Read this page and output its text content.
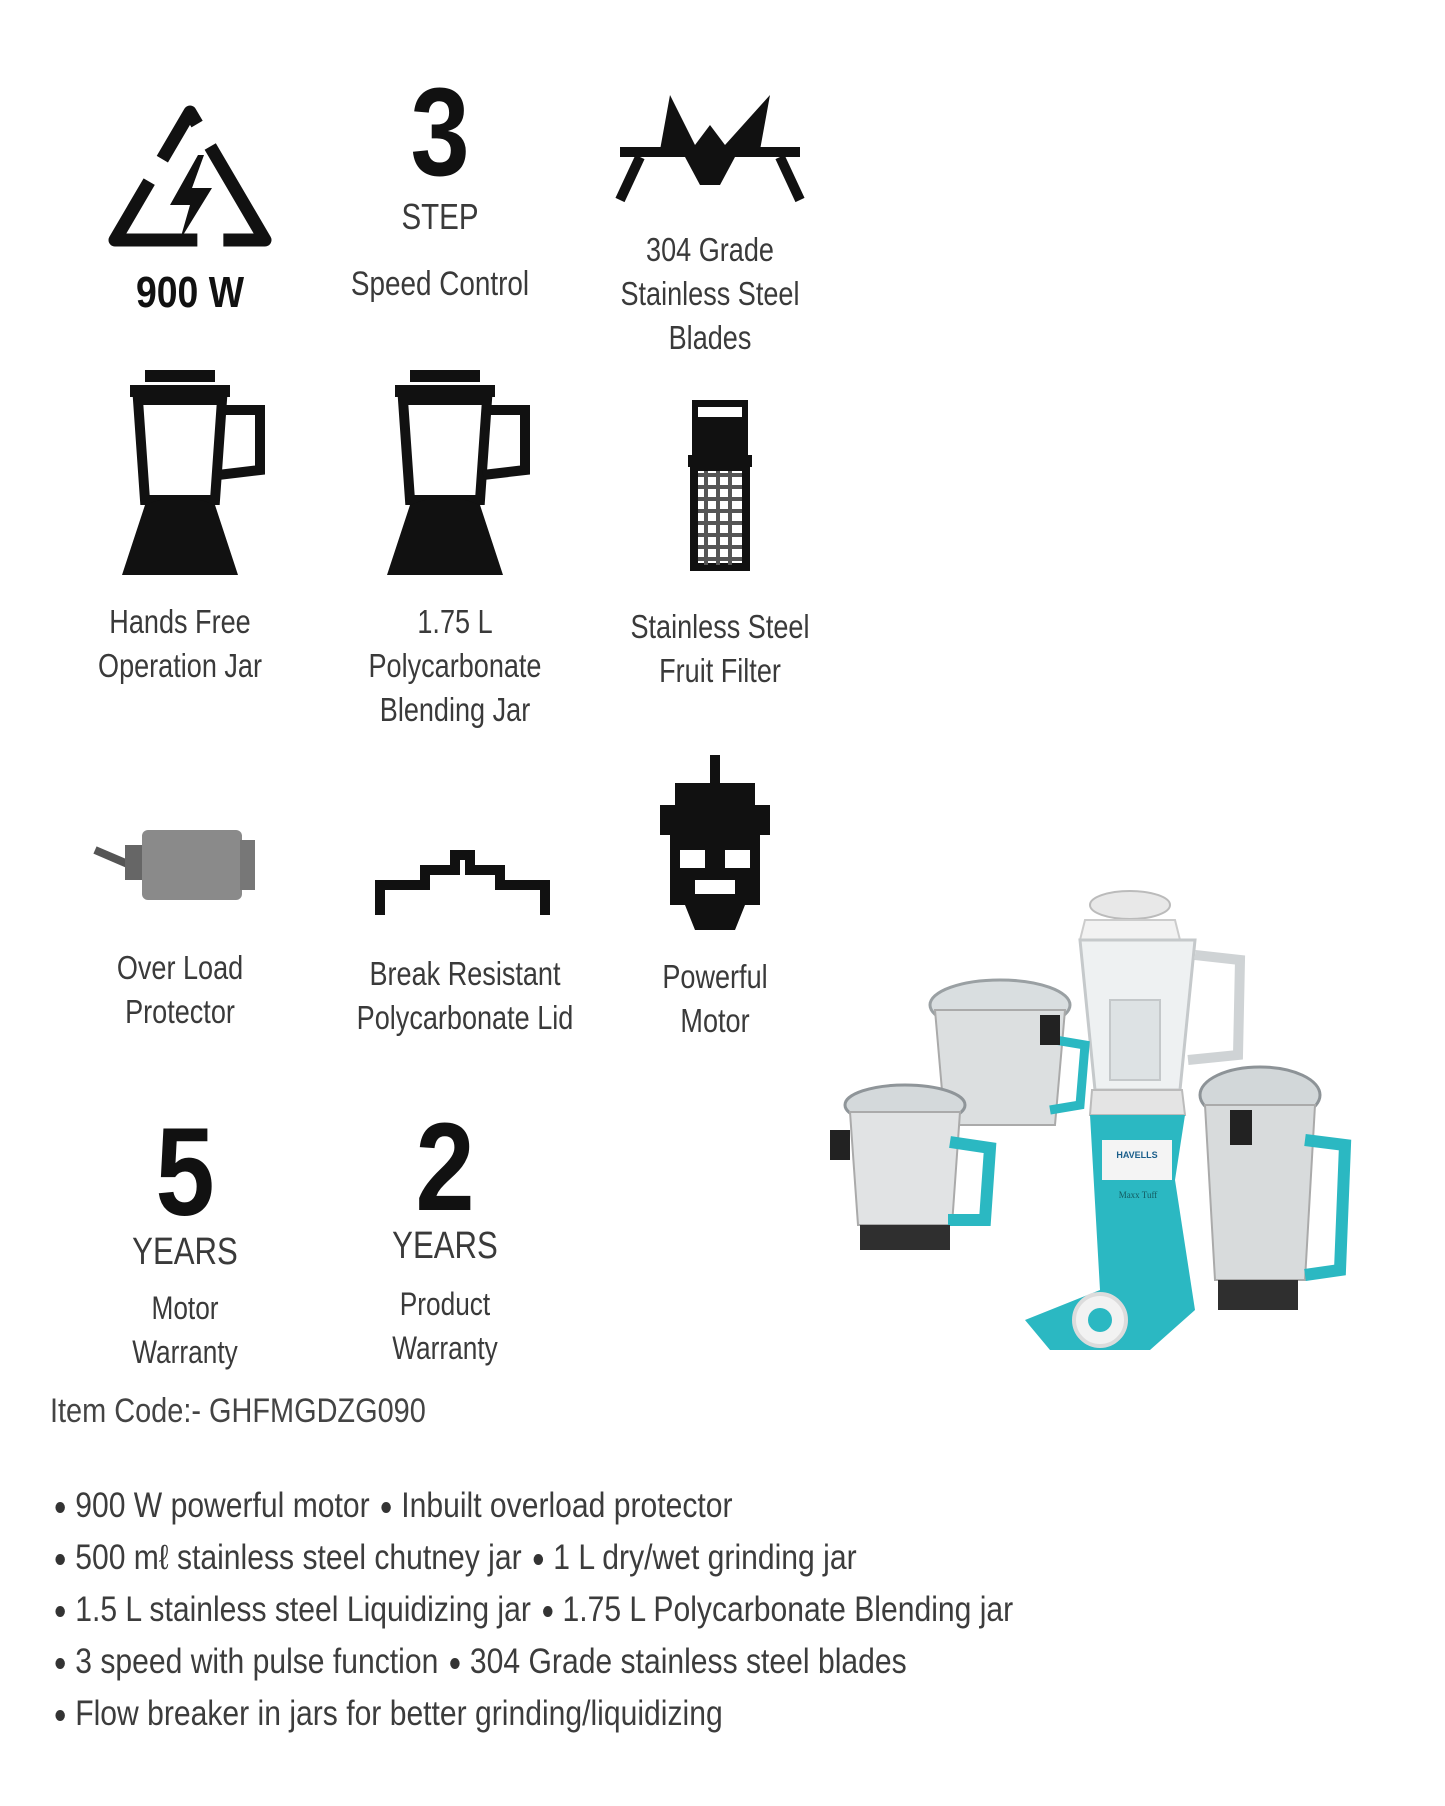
900 W
3
STEP
Speed Control
304 Grade
Stainless Steel
Blades
Hands Free
Operation Jar
1.75 L
Polycarbonate
Blending Jar
Stainless Steel
Fruit Filter
Over Load
Protector
Break Resistant
Polycarbonate Lid
Powerful
Motor
5
YEARS
Motor
Warranty
2
YEARS
Product
Warranty
Item Code:- GHFMGDZG090
900 W powerful motor Inbuilt overload protector
500 mℓ stainless steel chutney jar 1 L dry/wet grinding jar
1.5 L stainless steel Liquidizing jar 1.75 L Polycarbonate Blending jar
3 speed with pulse function 304 Grade stainless steel blades
Flow breaker in jars for better grinding/liquidizing
HAVELLS
Maxx Tuff
